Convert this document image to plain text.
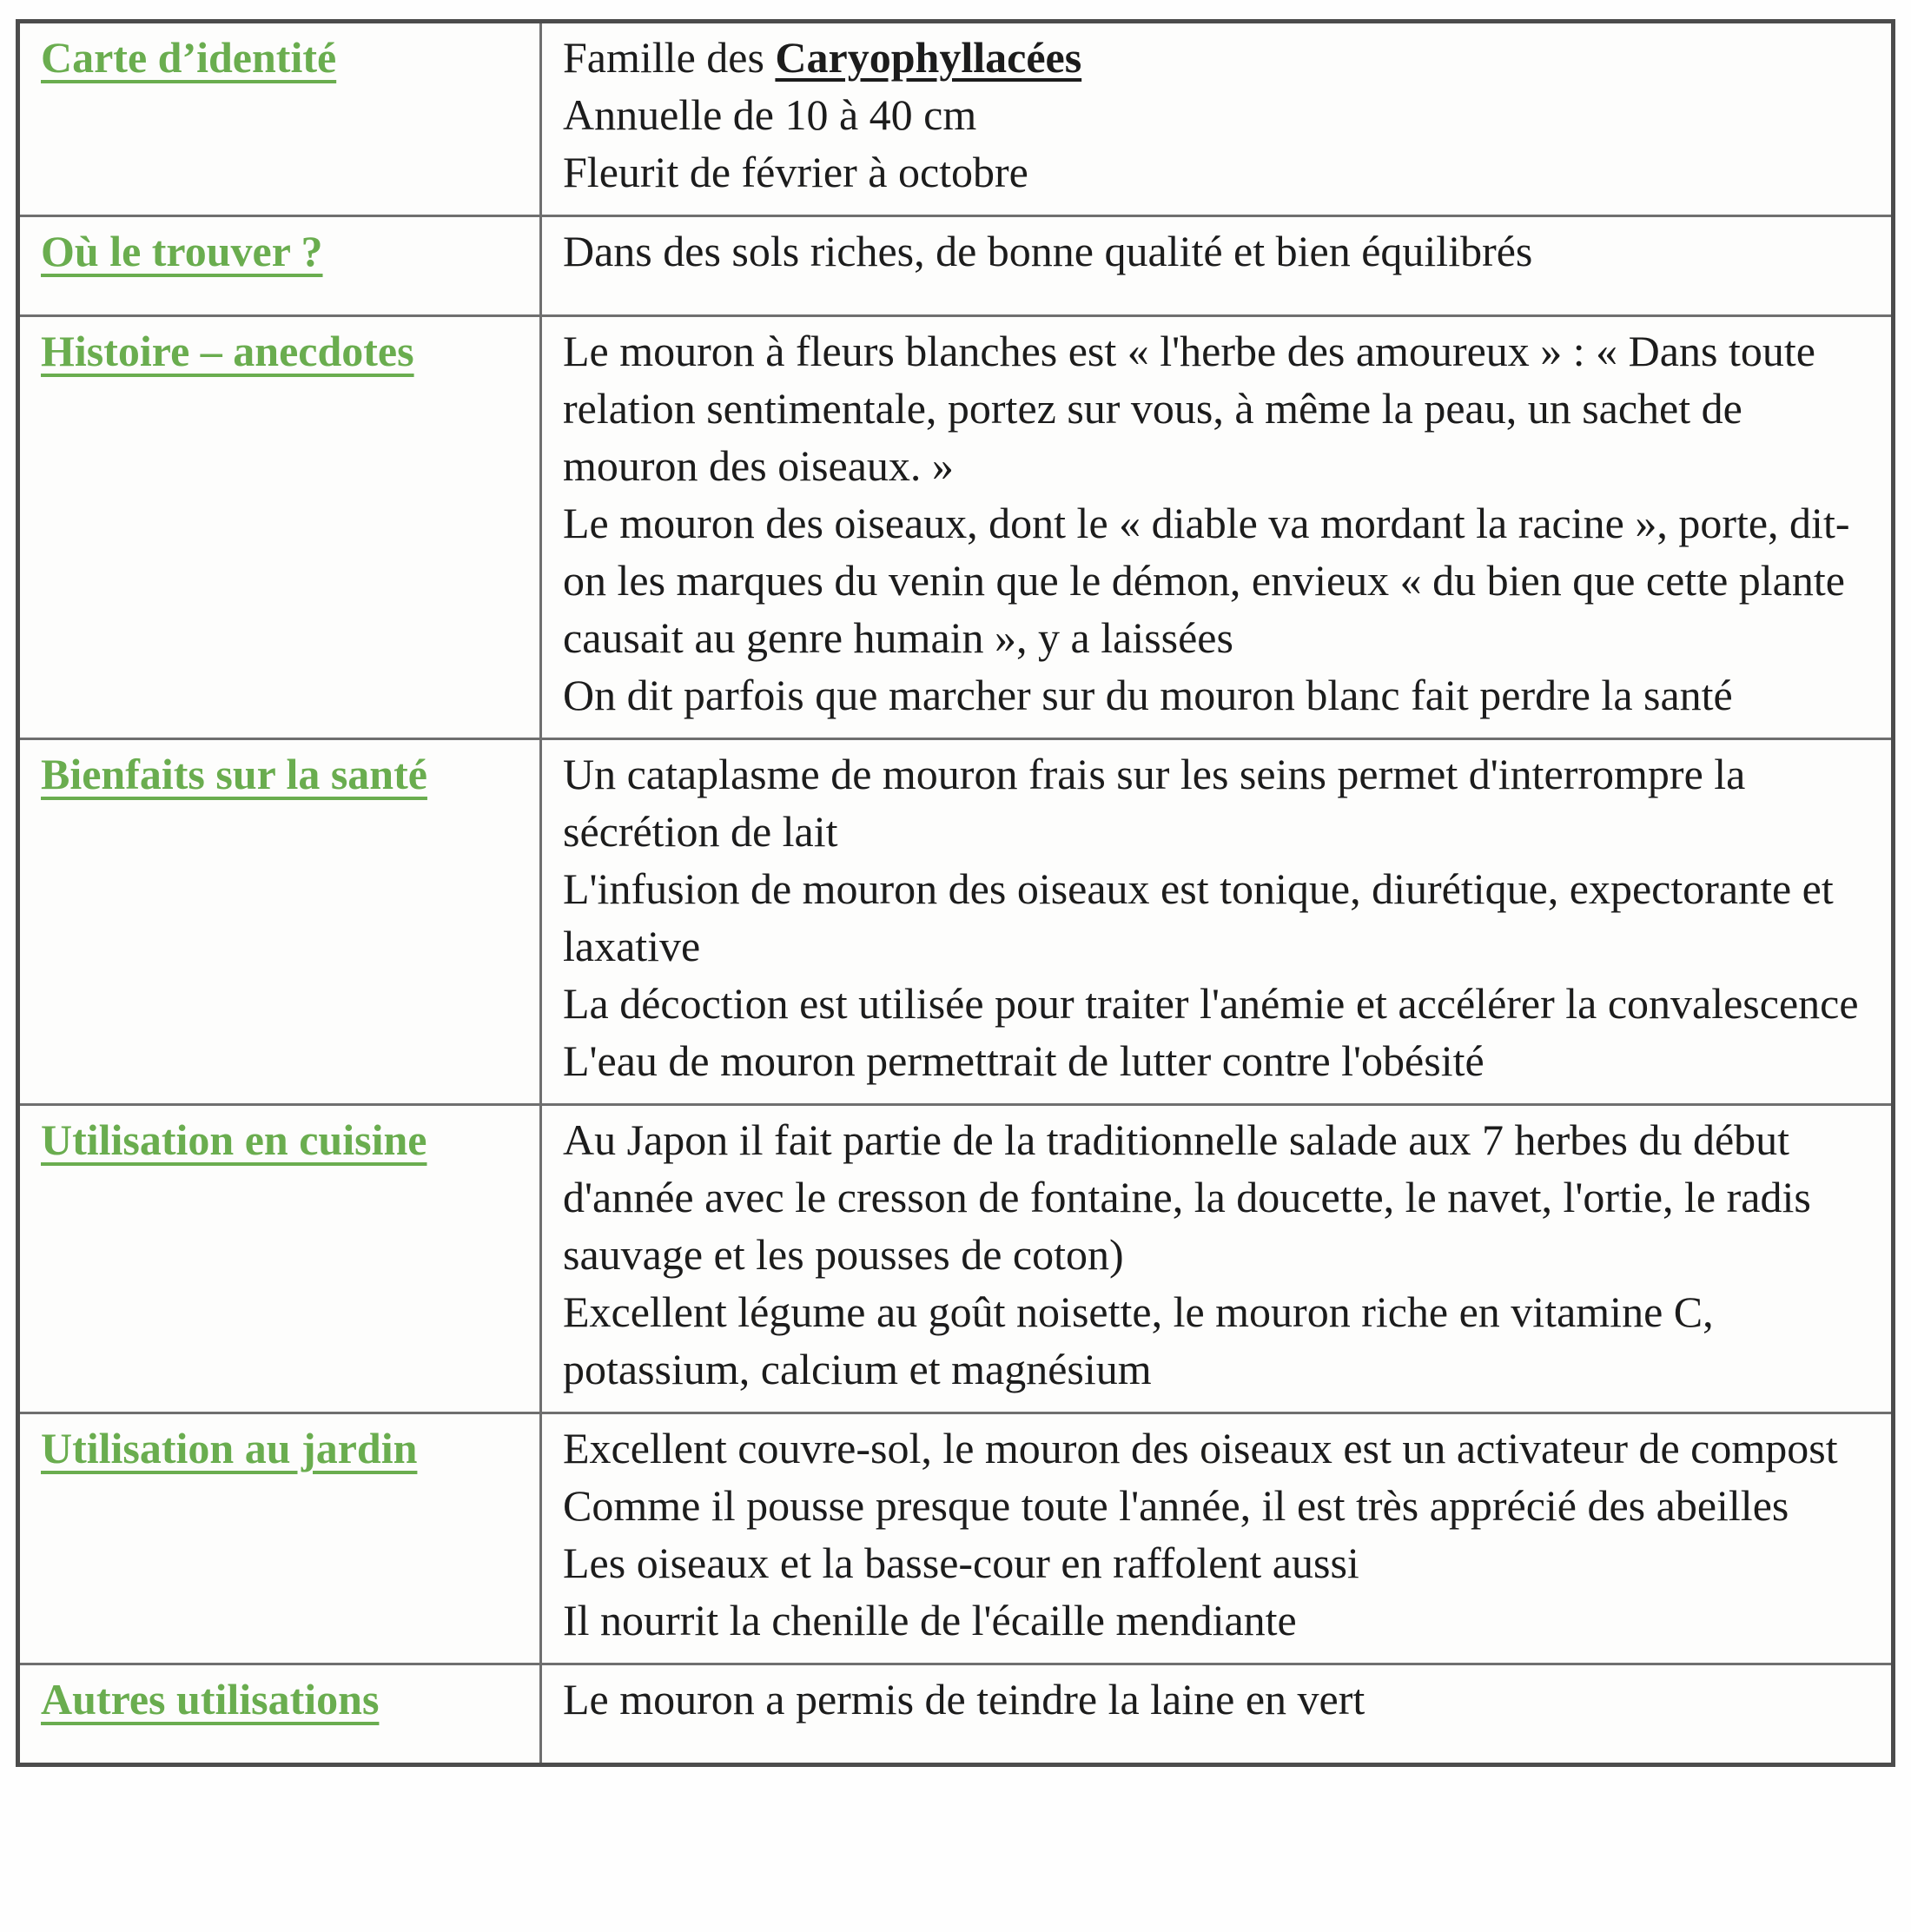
Carte d’identité	Famille des Caryophyllacées
Annuelle de 10 à 40 cm
Fleurit de février à octobre

Où le trouver ?	Dans des sols riches, de bonne qualité et bien équilibrés

Histoire – anecdotes	Le mouron à fleurs blanches est « l'herbe des amoureux » : « Dans toute relation sentimentale, portez sur vous, à même la peau, un sachet de mouron des oiseaux. »
Le mouron des oiseaux, dont le « diable va mordant la racine », porte, dit-on les marques du venin que le démon, envieux « du bien que cette plante causait au genre humain », y a laissées
On dit parfois que marcher sur du mouron blanc fait perdre la santé

Bienfaits sur la santé	Un cataplasme de mouron frais sur les seins permet d'interrompre la sécrétion de lait
L'infusion de mouron des oiseaux est tonique, diurétique, expectorante et laxative
La décoction est utilisée pour traiter l'anémie et accélérer la convalescence
L'eau de mouron permettrait de lutter contre l'obésité

Utilisation en cuisine	Au Japon il fait partie de la traditionnelle salade aux 7 herbes du début d'année avec le cresson de fontaine, la doucette, le navet, l'ortie, le radis sauvage et les pousses de coton)
Excellent légume au goût noisette, le mouron riche en vitamine C, potassium, calcium et magnésium

Utilisation au jardin	Excellent couvre-sol, le mouron des oiseaux est un activateur de compost
Comme il pousse presque toute l'année, il est très apprécié des abeilles
Les oiseaux et la basse-cour en raffolent aussi
Il nourrit la chenille de l'écaille mendiante

Autres utilisations	Le mouron a permis de teindre la laine en vert
